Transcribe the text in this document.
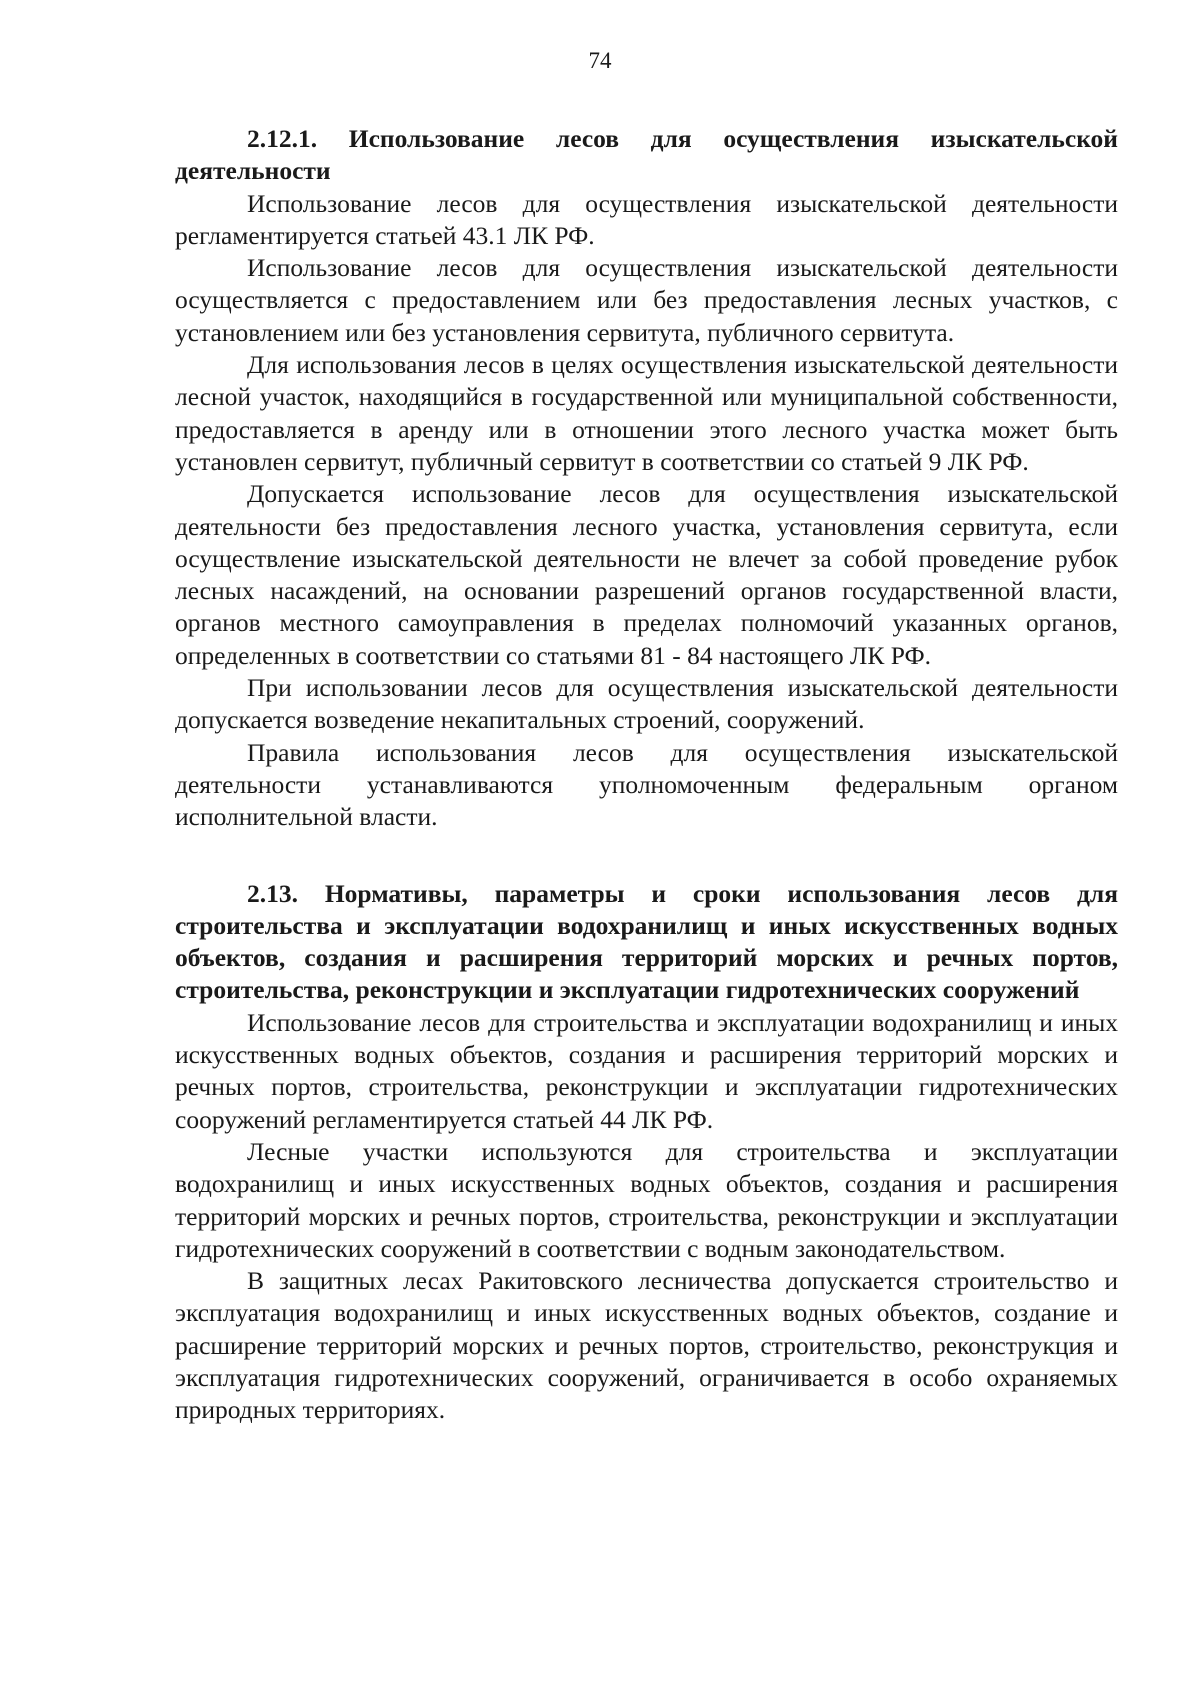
74

2.12.1. Использование лесов для осуществления изыскательской деятельности

Использование лесов для осуществления изыскательской деятельности регламентируется статьей 43.1 ЛК РФ.

Использование лесов для осуществления изыскательской деятельности осуществляется с предоставлением или без предоставления лесных участков, с установлением или без установления сервитута, публичного сервитута.

Для использования лесов в целях осуществления изыскательской деятельности лесной участок, находящийся в государственной или муниципальной собственности, предоставляется в аренду или в отношении этого лесного участка может быть установлен сервитут, публичный сервитут в соответствии со статьей 9 ЛК РФ.

Допускается использование лесов для осуществления изыскательской деятельности без предоставления лесного участка, установления сервитута, если осуществление изыскательской деятельности не влечет за собой проведение рубок лесных насаждений, на основании разрешений органов государственной власти, органов местного самоуправления в пределах полномочий указанных органов, определенных в соответствии со статьями 81 - 84 настоящего ЛК РФ.

При использовании лесов для осуществления изыскательской деятельности допускается возведение некапитальных строений, сооружений.

Правила использования лесов для осуществления изыскательской деятельности устанавливаются уполномоченным федеральным органом исполнительной власти.

2.13. Нормативы, параметры и сроки использования лесов для строительства и эксплуатации водохранилищ и иных искусственных водных объектов, создания и расширения территорий морских и речных портов, строительства, реконструкции и эксплуатации гидротехнических сооружений

Использование лесов для строительства и эксплуатации водохранилищ и иных искусственных водных объектов, создания и расширения территорий морских и речных портов, строительства, реконструкции и эксплуатации гидротехнических сооружений регламентируется статьей 44 ЛК РФ.

Лесные участки используются для строительства и эксплуатации водохранилищ и иных искусственных водных объектов, создания и расширения территорий морских и речных портов, строительства, реконструкции и эксплуатации гидротехнических сооружений в соответствии с водным законодательством.

В защитных лесах Ракитовского лесничества допускается строительство и эксплуатация водохранилищ и иных искусственных водных объектов, создание и расширение территорий морских и речных портов, строительство, реконструкция и эксплуатация гидротехнических сооружений, ограничивается в особо охраняемых природных территориях.
